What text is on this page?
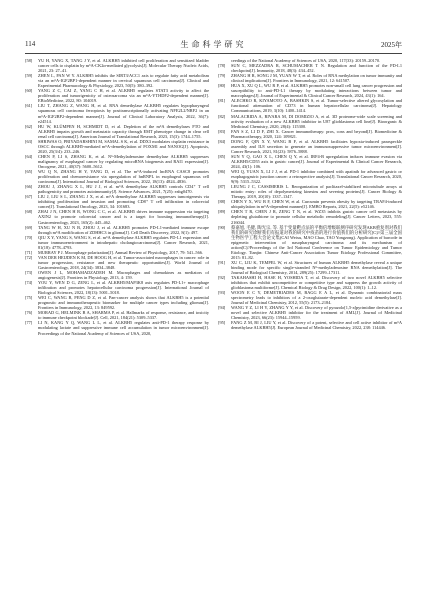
114	生命科学研究	2025年
[58] YU H, YANG X, TANG J Y, et al. ALKBH5 inhibited cell proliferation and sensitized bladder cancer cells to cisplatin by m⁶A-CK2α-mediated glycolysis[J]. Molecular Therapy Nucleic Acids, 2021, 23: 27–41.
[59] ZHEN L, PAN W Y. ALKBH5 inhibits the SIRT3/ACC1 axis to regulate fatty acid metabolism via an m⁶A-IGF2BP1-dependent manner in cervical squamous cell carcinoma[J]. Clinical and Experimental Pharmacology & Physiology, 2023, 50(5): 380–392.
[60] YANG Z C, CAI Z, YANG C H, et al. ALKBH5 regulates STAT3 activity to affect the proliferation and tumorigenicity of osteosarcoma via an m⁶A-YTHDF2-dependent manner[J]. EBioMedicine, 2022, 80: 104019.
[61] LIU T, ZHANG Z, WANG H, et al. RNA demethylase ALKBH5 regulates hypopharyngeal squamous cell carcinoma ferroptosis by posttranscriptionally activating NFE2L2/NRF2 in an m⁶A-IGF2BP2-dependent manner[J]. Journal of Clinical Laboratory Analysis, 2022, 36(7): e24514.
[62] HU W, KLÜMPEN H, SCHMIDT D, et al. Depletion of the m⁶A demethylases FTO and ALKBH5 impairs growth and metastatic capacity through EMT phenotype change in clear cell renal cell carcinoma[J]. American Journal of Translational Research, 2023, 15(3): 1744–1755.
[63] SHRIWAS O, PRIYADARSHINI M, SAMAL S K, et al. DDX3 modulates cisplatin resistance in OSCC through ALKBH5-mediated m⁶A-demethylation of FOXM1 and NANOG[J]. Apoptosis, 2020, 25(3/4): 233–246.
[64] CHEN P, LI S, ZHANG K, et al. N⁶-Methyladenosine demethylase ALKBH5 suppresses malignancy of esophageal cancer by regulating microRNA biogenesis and RAI1 expression[J]. Oncogene, 2021, 40(37): 5600–5612.
[65] WU Q N, ZHANG H Y, YANG D, et al. The m⁶A-induced lncRNA CASC8 promotes proliferation and chemoresistance via upregulation of hnRNPL in esophageal squamous cell carcinoma[J]. International Journal of Biological Sciences, 2022, 18(13): 4824–4836.
[66] ZHOU J, ZHANG X L, HU J J, et al. m⁶A demethylase ALKBH5 controls CD4⁺ T cell pathogenicity and promotes autoimmunity[J]. Science Advances, 2021, 7(25): eabg0470.
[67] LIU J, LIU S L, ZHANG J X, et al. m⁶A demethylase ALKBH5 suppresses tumorigenesis via inhibiting proliferation and invasion and promoting CD8⁺ T cell infiltration in colorectal cancer[J]. Translational Oncology, 2023, 34: 101683.
[68] ZHAI J N, CHEN H R, WONG C C, et al. ALKBH5 drives immune suppression via targeting AXIN2 to promote colorectal cancer and is a target for boosting immunotherapy[J]. Gastroenterology, 2023, 165(2): 445–462.
[69] TANG W H, XU N B, ZHOU J, et al. ALKBH5 promotes PD-L1-mediated immune escape through m⁶A modification of ZDHHC3 in glioma[J]. Cell Death Discovery, 2022, 8(1): 497.
[70] QIU X Y, YANG S, WANG S, et al. m⁶A demethylase ALKBH5 regulates PD-L1 expression and tumor immunoenvironment in intrahepatic cholangiocarcinoma[J]. Cancer Research, 2021, 81(18): 4778–4793.
[71] MURRAY P J. Macrophage polarization[J]. Annual Review of Physiology, 2017, 79: 541–566.
[72] VAN DER HEIJDEN K M, DE HOOG H, et al. Tumor-associated macrophages in cancer: role in tumor progression, resistance and new therapeutic opportunities[J]. World Journal of Gastroenterology, 2018, 24(34): 3834–3848.
[73] OWEN J L, MOHAMADZADEH M. Macrophages and chemokines as mediators of angiogenesis[J]. Frontiers in Physiology, 2013, 4: 159.
[74] YOU Y, WEN D G, ZENG L, et al. ALKBH5/MAP3K8 axis regulates PD-L1+ macrophage infiltration and promotes hepatocellular carcinoma progression[J]. International Journal of Biological Sciences, 2022, 18(13): 5001–5018.
[75] WEI C, WANG B, PENG D Z, et al. Pan-cancer analysis shows that ALKBH5 is a potential prognostic and immunotherapeutic biomarker for multiple cancer types including gliomas[J]. Frontiers in Immunology, 2022, 13: 849592.
[76] MORAD G, HELMINK B A, SHARMA P, et al. Hallmarks of response, resistance, and toxicity to immune checkpoint blockade[J]. Cell, 2021, 184(21): 5309–5337.
[77] LI N, KANG Y Q, WANG L L, et al. ALKBH5 regulates anti-PD-1 therapy response by modulating lactate and suppressive immune cell accumulation in tumor microenvironment[J]. Proceedings of the National Academy of Sciences of USA, 2020,
ceedings of the National Academy of Sciences of USA, 2020, 117(33): 20159–20170.
[78] SUN C, MEZZADRA R, SCHUMACHER T N. Regulation and function of the PD-L1 checkpoint[J]. Immunity, 2018, 48(3): 434–452.
[79] ZHANG H R, SONG J M, YUAN W T, et al. Roles of RNA methylation on tumor immunity and clinical implications[J]. Frontiers in Immunology, 2021, 12: 641507.
[80] HUA X, XU Q L, WU R P, et al. ALKBH5 promotes non-small cell lung cancer progression and susceptibility to anti-PD-L1 therapy by modulating interactions between tumor and macrophages[J]. Journal of Experimental & Clinical Cancer Research, 2024, 43(1): 164.
[81] ALECHKO R, KIYAMOTO A, BASHKIN S, et al. Tumor-selective altered glycosylation and functional attenuation of CD73 in human hepatocellular carcinoma[J]. Hepatology Communications, 2019, 3(10): 1400–1414.
[82] MALACRIDA A, RIVARA M, DI DOMIZIO A, et al. 3D proteome-wide scale screening and activity evaluation of a new ALKBH5 inhibitor in U87 glioblastoma cell line[J]. Bioorganic & Medicinal Chemistry, 2020, 28(4): 115300.
[83] FAN S Z, LI D F, ZHI X. Cancer immunotherapy: pros, cons and beyond[J]. Biomedicine & Pharmacotherapy, 2020, 124: 109821.
[84] DONG F, QIN X Y, WANG B F, et al. ALKBH5 facilitates hypoxia-induced paraspeckle assembly and IL8 secretion to generate an immunosuppressive tumor microenvironment[J]. Cancer Research, 2021, 81(23): 5876–5888.
[85] SUN Y Q, GAO X L, CHEN Q Y, et al. IRF4-B upregulation induces immune evasion via ALKBH5/CD55 axis in gastric cancer[J]. Journal of Experimental & Clinical Cancer Research, 2024, 43(1): 106.
[86] WEI Q, YUAN X, LI J J, et al. PD-1 inhibitor combined with apatinib for advanced gastric or esophagogastric junction cancer: a retrospective analysis[J]. Translational Cancer Research, 2020, 9(9): 5315–5322.
[87] LEUNG J C, CASSIMERIS L. Reorganization of paclitaxel-stabilized microtubule arrays at mitotic entry: roles of depolymerizing kinesins and severing proteins[J]. Cancer Biology & Therapy, 2019, 20(10): 1337–1347.
[88] CHEN Y X, WU B F, CHEN W, et al. Curcumin prevents obesity by targeting TRAF4-induced ubiquitylation in m⁶A-dependent manner[J]. EMBO Reports, 2021, 22(5): e52146.
[89] CHEN T R, CHEN J R, ZENG T N, et al. WZ35 inhibits gastric cancer cell metastasis by depleting glutathione to promote cellular metabolic remodeling[J]. Cancer Letters, 2023, 555: 216044.
[90] 蔡嘉旭, 毛健, 陶光宗, 等. 基于变量靶点法的平衡倍增级联测序研究发现AKB重复剂对我们我们的研究诊断我们有报道对我的研究中疫苗的进行价值我们的分析研究[C]//第三届全国生物医学工程大会论文集(CAI Weixu, MAO Chao, TAO Yongzong). Application of barcode in epigenetic intervention of nasopharyngeal carcinoma and its mechanism of action[C]//Proceedings of the 3rd National Conference on Tumor Epidemiology and Tumor Etiology. Tianjin: Chinese Anti-Cancer Association Tumor Etiology Professional Committee, 2015: 81–82.
[91] XU C, LIU K, TEMPEL W, et al. Structures of human ALKBH5 demethylase reveal a unique binding mode for specific single-stranded N⁶-methyladenosine RNA demethylation[J]. The Journal of Biological Chemistry, 2014, 289(25): 17299–17311.
[92] TAKAHASHI H, HASE H, YOSHIDA T, et al. Discovery of two novel ALKBH5 selective inhibitors that exhibit uncompetitive or competitive type and suppress the growth activity of glioblastoma multiforme[J]. Chemical Biology & Drug Design, 2022, 100(1): 1–12.
[93] WOON E C Y, DEMETRIADES M, BAGG E A L, et al. Dynamic combinatorial mass spectrometry leads to inhibitors of a 2-oxoglutarate-dependent nucleic acid demethylase[J]. Journal of Medicinal Chemistry, 2012, 55(5): 2173–2184.
[94] WANG Y Z, LI H Y, ZHANG Y Y, et al. Discovery of pyrazolo[1,5-a]pyrimidine derivative as a novel and selective ALKBH5 inhibitor for the treatment of AML[J]. Journal of Medicinal Chemistry, 2023, 66(23): 15944–15959.
[95] FANG Z M, BI J, LIU Y, et al. Discovery of a potent, selective and cell active inhibitor of m⁶A demethylase ALKBH5[J]. European Journal of Medicinal Chemistry, 2022, 238: 114446.
